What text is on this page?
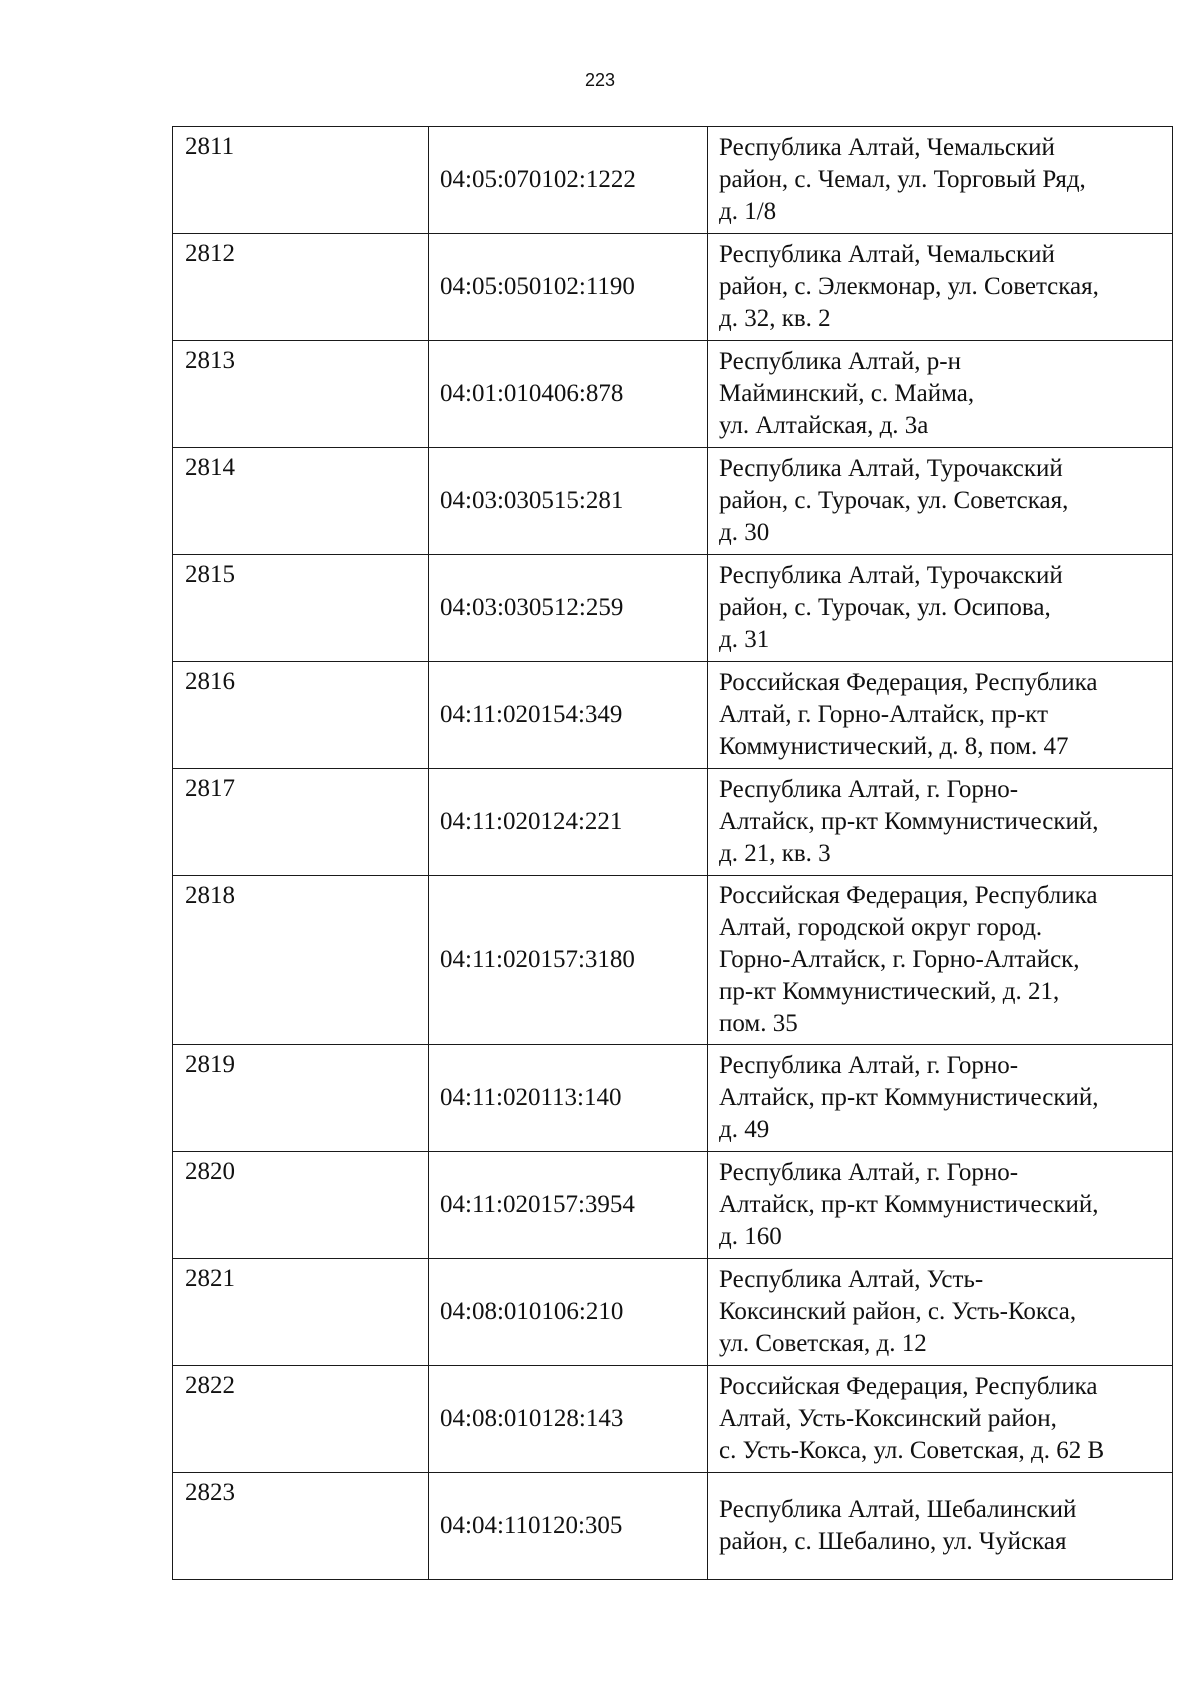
223
2811	04:05:070102:1222	Республика Алтай, Чемальский
район, с. Чемал, ул. Торговый Ряд,
д. 1/8

2812	04:05:050102:1190	Республика Алтай, Чемальский
район, с. Элекмонар, ул. Советская,
д. 32, кв. 2

2813	04:01:010406:878	Республика Алтай, р-н
Майминский, с. Майма,
ул. Алтайская, д. 3а

2814	04:03:030515:281	Республика Алтай, Турочакский
район, с. Турочак, ул. Советская,
д. 30

2815	04:03:030512:259	Республика Алтай, Турочакский
район, с. Турочак, ул. Осипова,
д. 31

2816	04:11:020154:349	Российская Федерация, Республика
Алтай, г. Горно-Алтайск, пр-кт
Коммунистический, д. 8, пом. 47

2817	04:11:020124:221	Республика Алтай, г. Горно-
Алтайск, пр-кт Коммунистический,
д. 21, кв. 3

2818	04:11:020157:3180	Российская Федерация, Республика
Алтай, городской округ город.
Горно-Алтайск, г. Горно-Алтайск,
пр-кт Коммунистический, д. 21,
пом. 35

2819	04:11:020113:140	Республика Алтай, г. Горно-
Алтайск, пр-кт Коммунистический,
д. 49

2820	04:11:020157:3954	Республика Алтай, г. Горно-
Алтайск, пр-кт Коммунистический,
д. 160

2821	04:08:010106:210	Республика Алтай, Усть-
Коксинский район, с. Усть-Кокса,
ул. Советская, д. 12

2822	04:08:010128:143	Российская Федерация, Республика
Алтай, Усть-Коксинский район,
с. Усть-Кокса, ул. Советская, д. 62 В

2823	04:04:110120:305	Республика Алтай, Шебалинский
район, с. Шебалино, ул. Чуйская
